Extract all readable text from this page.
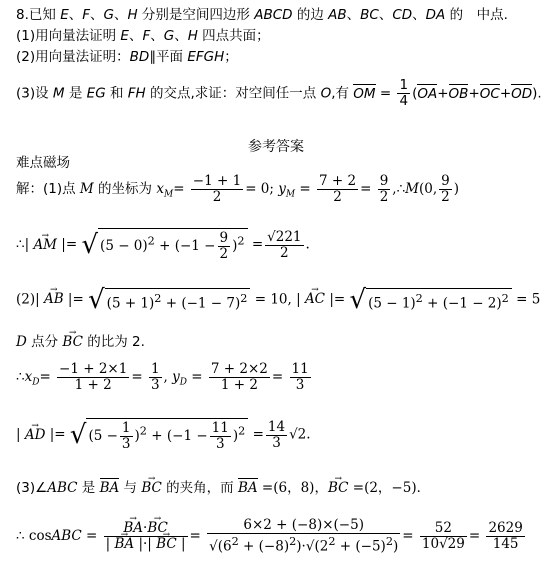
8.已知 E、F、G、H 分别是空间四边形 ABCD 的边 AB、BC、CD、DA 的　中点.
(1)用向量法证明 E、F、G、H 四点共面；
(2)用向量法证明：BD∥平面 EFGH；
(3)设 M 是 EG 和 FH 的交点,求证：对空间任一点 O,有 OM = $\frac{1}{4} (OA+OB+OC+OD)$.
参考答案
难点磁场
解：(1)点 M 的坐标为 $x_M= \frac{-1 + 1}{2} = 0$; $y_M = \frac{7 + 2}{2} = \frac{9}{2}$ ,∴M(0, $\frac{9}{2}$ )
∴| → AM |= √ $(5 - 0)^2 + (-1 - \frac{9}{2} )^2 = \frac{√221}{2}$ .
(2)| → AB |= √ $(5 + 1)^2 + (-1 - 7)^2 = 10$, | → AC |= √ $(5 - 1)^2 + (-1 - 2)^2 = 5$
D 点分 → BC 的比为 2.
$\therefore x_D= \frac{-1 + 2\times 1}{1 + 2} = \frac{1}{3}$ , $y_D = \frac{7 + 2\times 2}{1 + 2} = \frac{11}{3}$
| → AD |= √ $(5 - \frac{1}{3} )^2 + (-1 - \frac{11}{3} )^2 = \frac{14}{3} √2$.
(3)∠ABC 是 BA 与 → BC 的夹角，而 BA =(6，8)，→ BC =(2，−5)．
∴ cosABC = → $\frac{BA\cdot\to BC}{| \to BA |\cdot| \to BC |} = \frac{6\times 2 + (-8)\times(-5)}{√(6^2 + (-8)^2)\cdot√(2^2 + (-5)^2)} = \frac{52}{10√29} = \frac{2629}{145}$
